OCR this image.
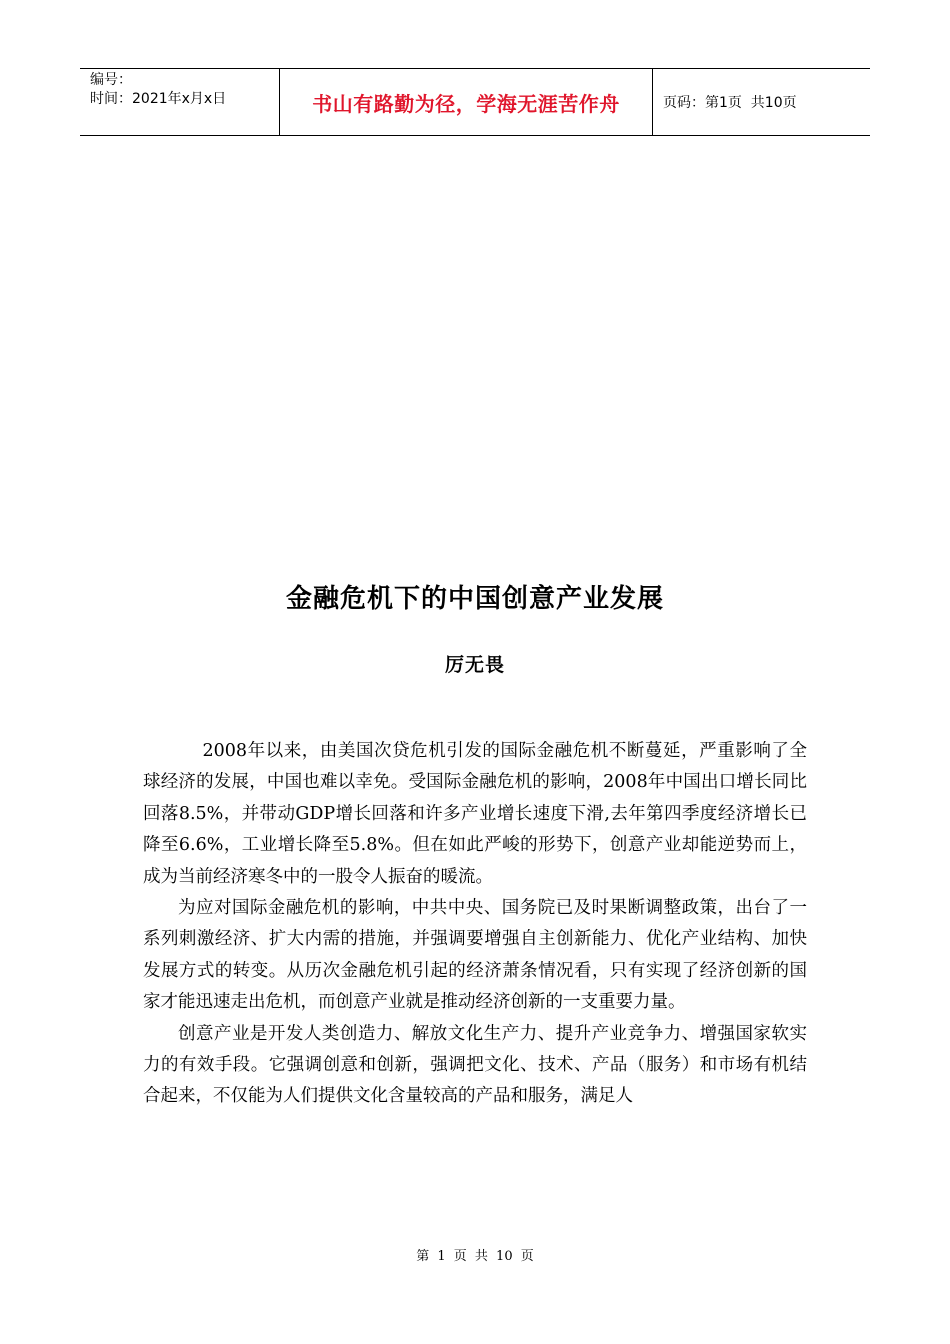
编号：
时间：2021年x月x日	书山有路勤为径，学海无涯苦作舟	页码：第1页  共10页
金融危机下的中国创意产业发展
厉无畏

2008年以来，由美国次贷危机引发的国际金融危机不断蔓延，严重影响了全球经济的发展，中国也难以幸免。受国际金融危机的影响，2008年中国出口增长同比回落8.5%，并带动GDP增长回落和许多产业增长速度下滑,去年第四季度经济增长已降至6.6%，工业增长降至5.8%。但在如此严峻的形势下，创意产业却能逆势而上，成为当前经济寒冬中的一股令人振奋的暖流。

为应对国际金融危机的影响，中共中央、国务院已及时果断调整政策，出台了一系列刺激经济、扩大内需的措施，并强调要增强自主创新能力、优化产业结构、加快发展方式的转变。从历次金融危机引起的经济萧条情况看，只有实现了经济创新的国家才能迅速走出危机，而创意产业就是推动经济创新的一支重要力量。

创意产业是开发人类创造力、解放文化生产力、提升产业竞争力、增强国家软实力的有效手段。它强调创意和创新，强调把文化、技术、产品（服务）和市场有机结合起来，不仅能为人们提供文化含量较高的产品和服务，满足人

第 1 页 共 10 页
